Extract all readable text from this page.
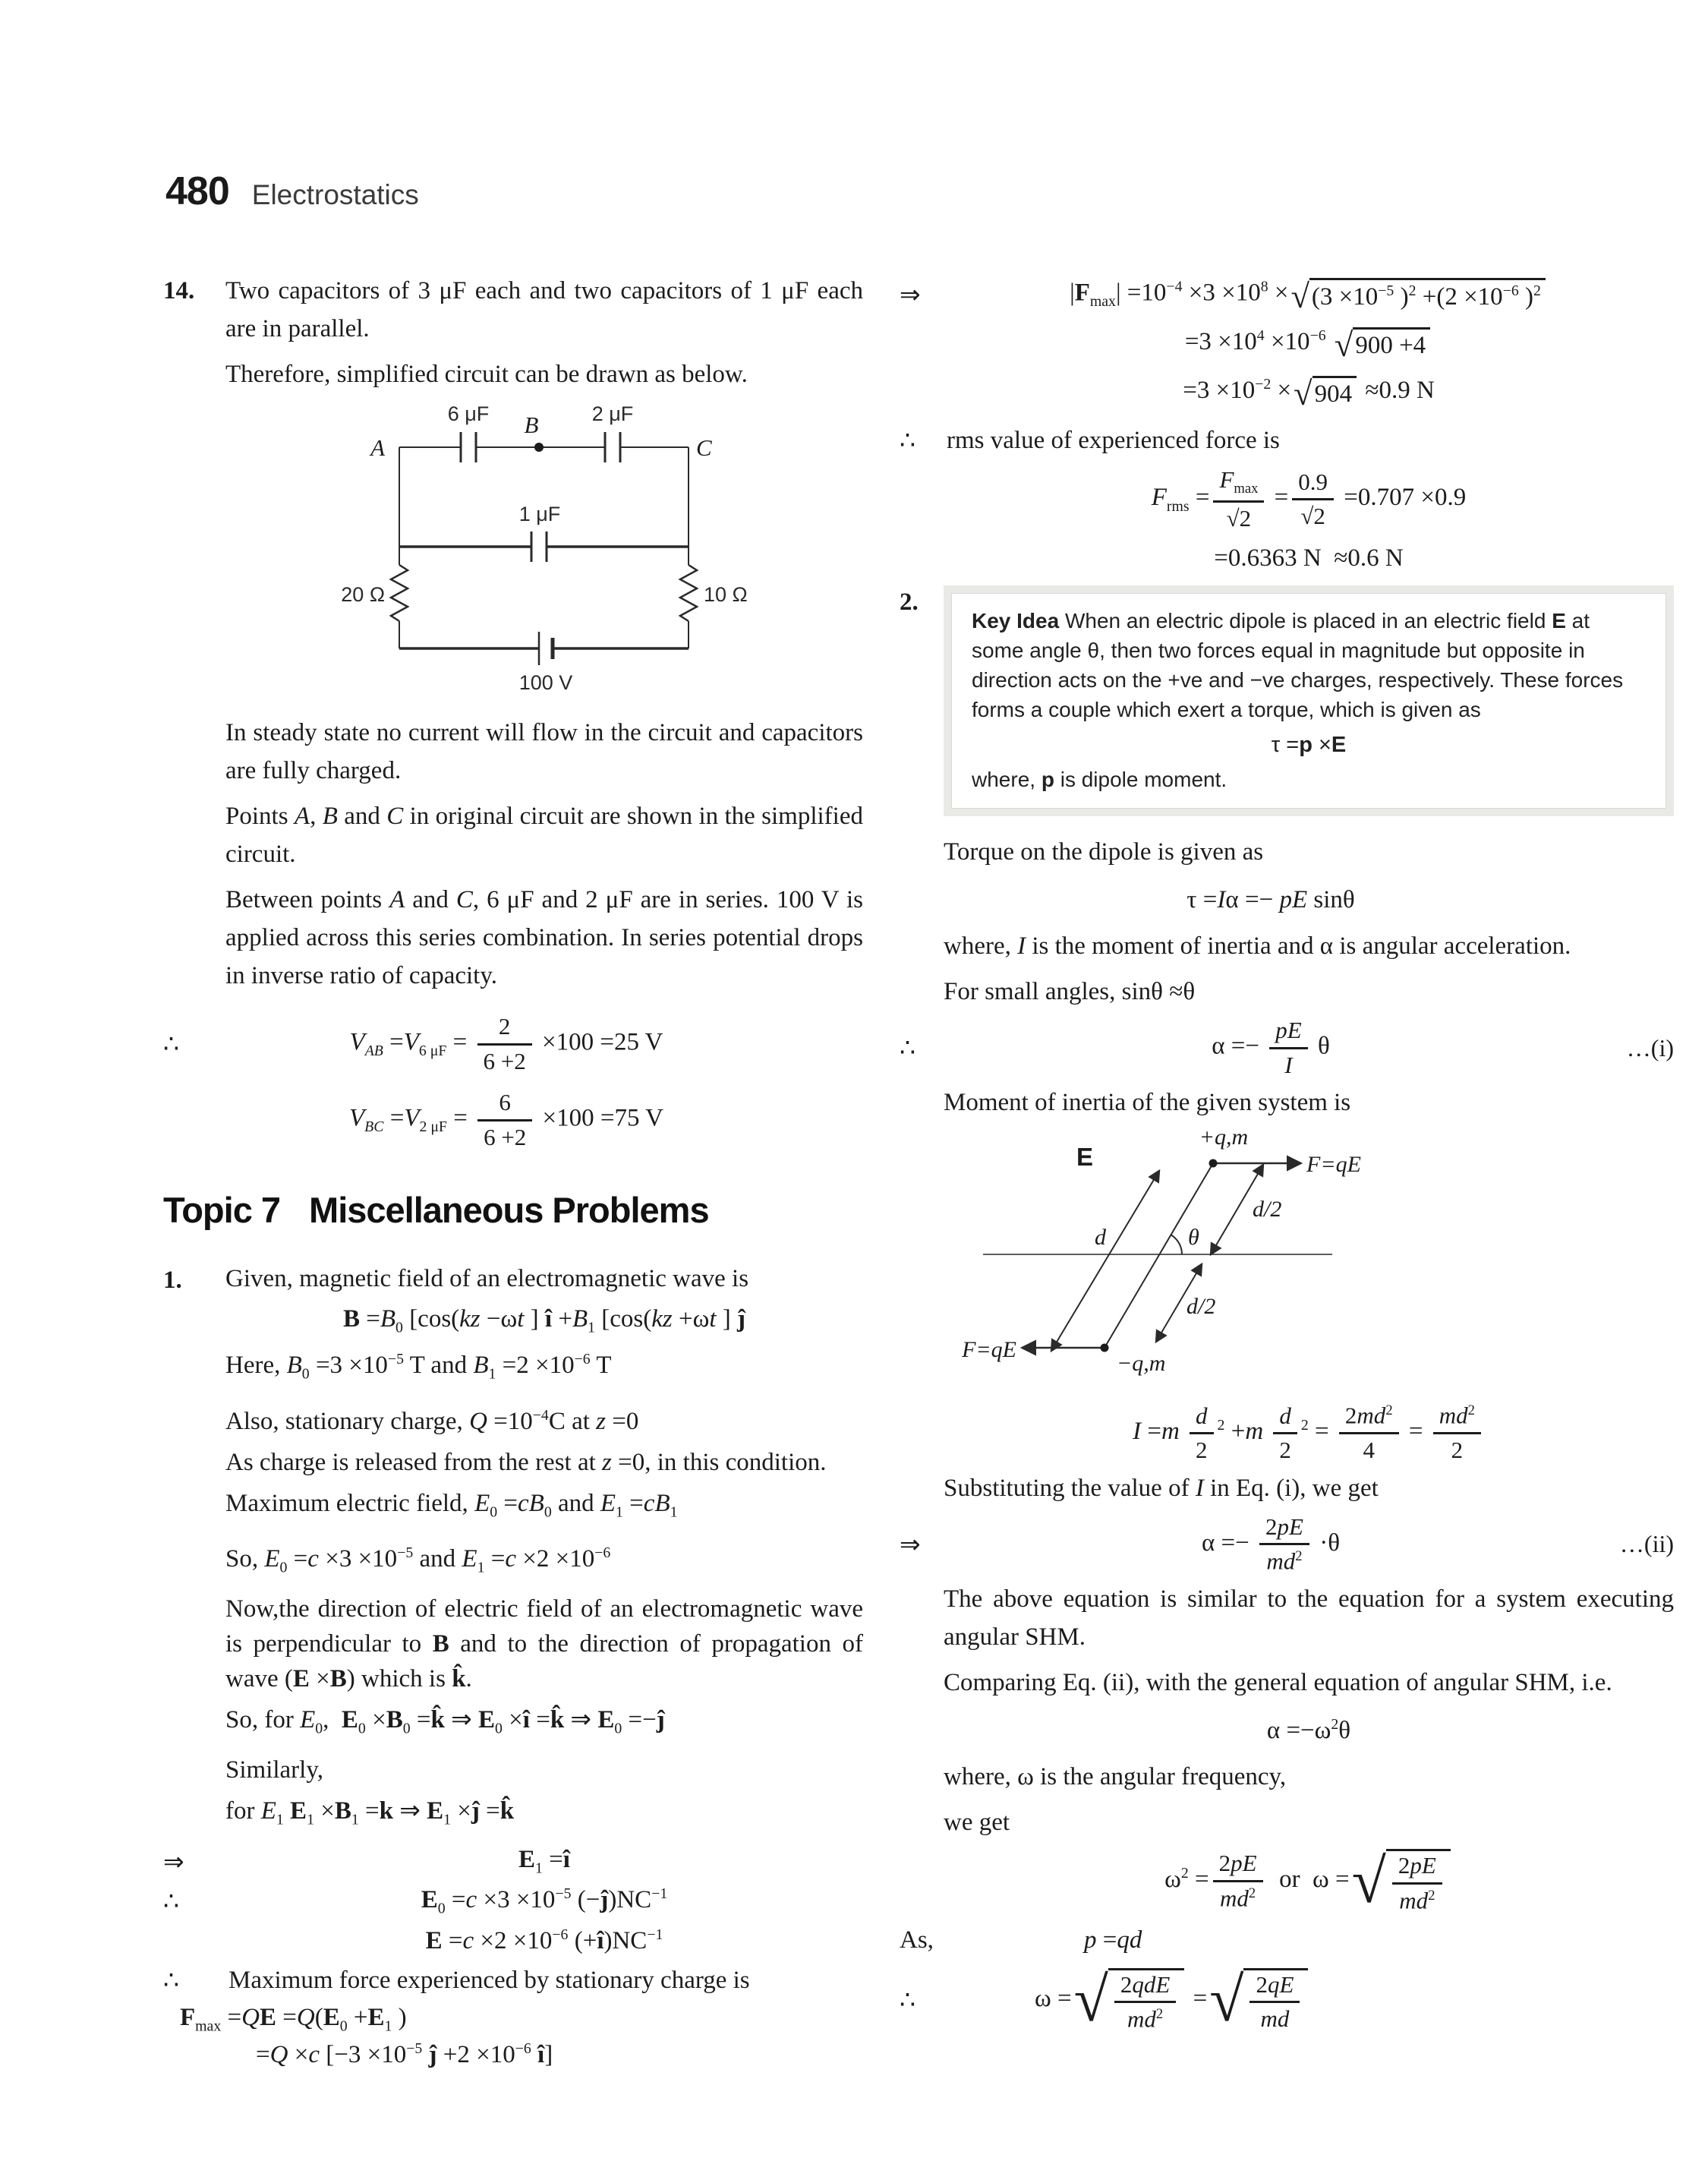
480 Electrostatics
14.	Two capacitors of 3 μF each and two capacitors of 1 μF each are in parallel.

Therefore, simplified circuit can be drawn as below.

6 μF	2 μF
B
A	C
1 μF
20 Ω	10 Ω
100 V

In steady state no current will flow in the circuit and capacitors are fully charged.

Points A, B and C in original circuit are shown in the simplified circuit.

Between points A and C, 6 μF and 2 μF are in series. 100 V is applied across this series combination. In series potential drops in inverse ratio of capacity.

∴	$V_{AB} =V_{6 \mu F} = \frac{2}{6 +2} \times 100 =25$ V
$V_{BC} =V_{2 \mu F} = \frac{6}{6 +2} \times 100 =75$ V
Topic 7 Miscellaneous Problems
1.	Given, magnetic field of an electromagnetic wave is

$B =B_0$ [cos(kz −ωt ] î $+B_1$ [cos(kz +ωt ] ĵ

Here, $B_0 =3 \times 10^{-5}$ T and $B_1 =2 \times 10^{-6}$ T

Also, stationary charge, $Q =10^{-4}C$ at z =0

As charge is released from the rest at z =0, in this condition.

Maximum electric field, $E_0 =cB_0$ and $E_1 =cB_1$

So, $E_0 =c \times 3 \times 10^{-5}$ and $E_1 =c \times 2 \times 10^{-6}$

Now,the direction of electric field of an electromagnetic wave is perpendicular to B and to the direction of propagation of wave (E ×B) which is k̂.

So, for $E_0$,  $E_0 \times B_0$ =k̂ ⇒ $E_0$ ×î =k̂ ⇒ $E_0$ =−ĵ

Similarly,

for $E_1$ $E_1 \times B_1 =k$ ⇒ $E_1$ ×ĵ =k̂

⇒	$E_1$ =î
∴	$E_0 =c \times 3 \times 10^{-5}$ $(-ĵ)NC^{-1}$
$E =c \times 2 \times 10^{-6}$ $(+î)NC^{-1}$
∴	Maximum force experienced by stationary charge is
$F_{max} =QE =Q(E_0 +E_1$ )
=Q ×c [$-3 \times 10^{-5}$ ĵ $+2 \times 10^{-6}$ î]
⇒	$|F_{max}| =10^{-4} \times 3 \times 10^8$ × √ ($3 \times 10^{-5}$ )$^2 +(2 \times 10^{-6}$ )$^2$
$=3 \times 10^4 \times 10^{-6}$ √ 900 +4
$=3 \times 10^{-2}$ × √ 904 ≈0.9 N
∴	rms value of experienced force is
$F_{rms}$ =
$F_{max}$
√2
= $\frac{0.9}{√2} =0.707 \times 0.9$
=0.6363 N  ≈0.6 N
2.
Key Idea When an electric dipole is placed in an electric field E at some angle θ, then two forces equal in magnitude but opposite in direction acts on the +ve and −ve charges, respectively. These forces forms a couple which exert a torque, which is given as
τ =p ×E
where, p is dipole moment.

Torque on the dipole is given as

τ =Iα =− pE sinθ

where, I is the moment of inertia and α is angular acceleration.

For small angles, sinθ ≈θ

∴	$\alpha =- \frac{pE}{I}$ θ	…(i)

Moment of inertia of the given system is

E
+q,m
F=qE
d/2
d	θ
d/2
F=qE
−q,m
$I =m \frac{d}{2} ^2 +m \frac{d}{2} ^2 = \frac{2md^2}{4} = \frac{md^2}{2}$

Substituting the value of I in Eq. (i), we get

⇒	$\alpha =- \frac{2pE}{md^2} \cdot\theta$	…(ii)

The above equation is similar to the equation for a system executing angular SHM.

Comparing Eq. (ii), with the general equation of angular SHM, i.e.

$\alpha =-\omega^2\theta$

where, ω is the angular frequency,

we get

$\omega^2 = \frac{2pE}{md^2}$ or  ω = √ $\frac{2pE}{md^2}$
As,	p =qd
∴	ω = √ 2qdE
$md^2$
= √ $\frac{2qE}{md}$
